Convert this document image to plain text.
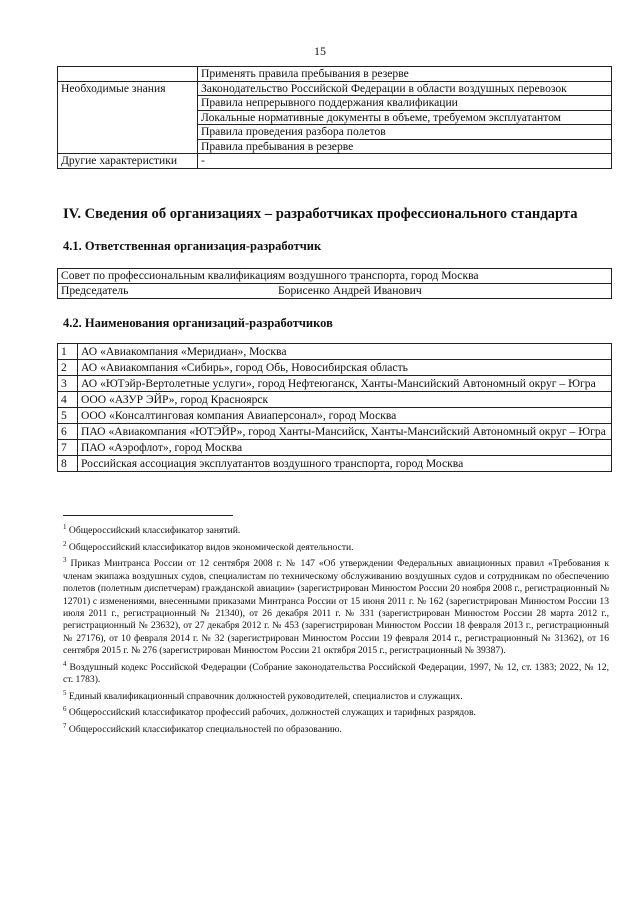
15
	Применять правила пребывания в резерве
Необходимые знания	Законодательство Российской Федерации в области воздушных перевозок
	Правила непрерывного поддержания квалификации
	Локальные нормативные документы в объеме, требуемом эксплуатантом
	Правила проведения разбора полетов
	Правила пребывания в резерве
Другие характеристики	-
IV. Сведения об организациях – разработчиках профессионального стандарта
4.1. Ответственная организация-разработчик
Совет по профессиональным квалификациям воздушного транспорта, город Москва
Председатель	Борисенко Андрей Иванович
4.2. Наименования организаций-разработчиков
1	АО «Авиакомпания «Меридиан», Москва
2	АО «Авиакомпания «Сибирь», город Обь, Новосибирская область
3	АО «ЮТэйр-Вертолетные услуги», город Нефтеюганск, Ханты-Мансийский Автономный округ – Югра
4	ООО «АЗУР ЭЙР», город Красноярск
5	ООО «Консалтинговая компания Авиаперсонал», город Москва
6	ПАО «Авиакомпания «ЮТЭЙР», город Ханты-Мансийск, Ханты-Мансийский Автономный округ – Югра
7	ПАО «Аэрофлот», город Москва
8	Российская ассоциация эксплуатантов воздушного транспорта, город Москва

$^1$ Общероссийский классификатор занятий.

$^2$ Общероссийский классификатор видов экономической деятельности.

$^3$ Приказ Минтранса России от 12 сентября 2008 г. № 147 «Об утверждении Федеральных авиационных правил «Требования к членам экипажа воздушных судов, специалистам по техническому обслуживанию воздушных судов и сотрудникам по обеспечению полетов (полетным диспетчерам) гражданской авиации» (зарегистрирован Минюстом России 20 ноября 2008 г., регистрационный № 12701) с изменениями, внесенными приказами Минтранса России от 15 июня 2011 г. № 162 (зарегистрирован Минюстом России 13 июля 2011 г., регистрационный № 21340), от 26 декабря 2011 г. № 331 (зарегистрирован Минюстом России 28 марта 2012 г., регистрационный № 23632), от 27 декабря 2012 г. № 453 (зарегистрирован Минюстом России 18 февраля 2013 г., регистрационный № 27176), от 10 февраля 2014 г. № 32 (зарегистрирован Минюстом России 19 февраля 2014 г., регистрационный № 31362), от 16 сентября 2015 г. № 276 (зарегистрирован Минюстом России 21 октября 2015 г., регистрационный № 39387).

$^4$ Воздушный кодекс Российской Федерации (Собрание законодательства Российской Федерации, 1997, № 12, ст. 1383; 2022, № 12, ст. 1783).

$^5$ Единый квалификационный справочник должностей руководителей, специалистов и служащих.

$^6$ Общероссийский классификатор профессий рабочих, должностей служащих и тарифных разрядов.

$^7$ Общероссийский классификатор специальностей по образованию.
